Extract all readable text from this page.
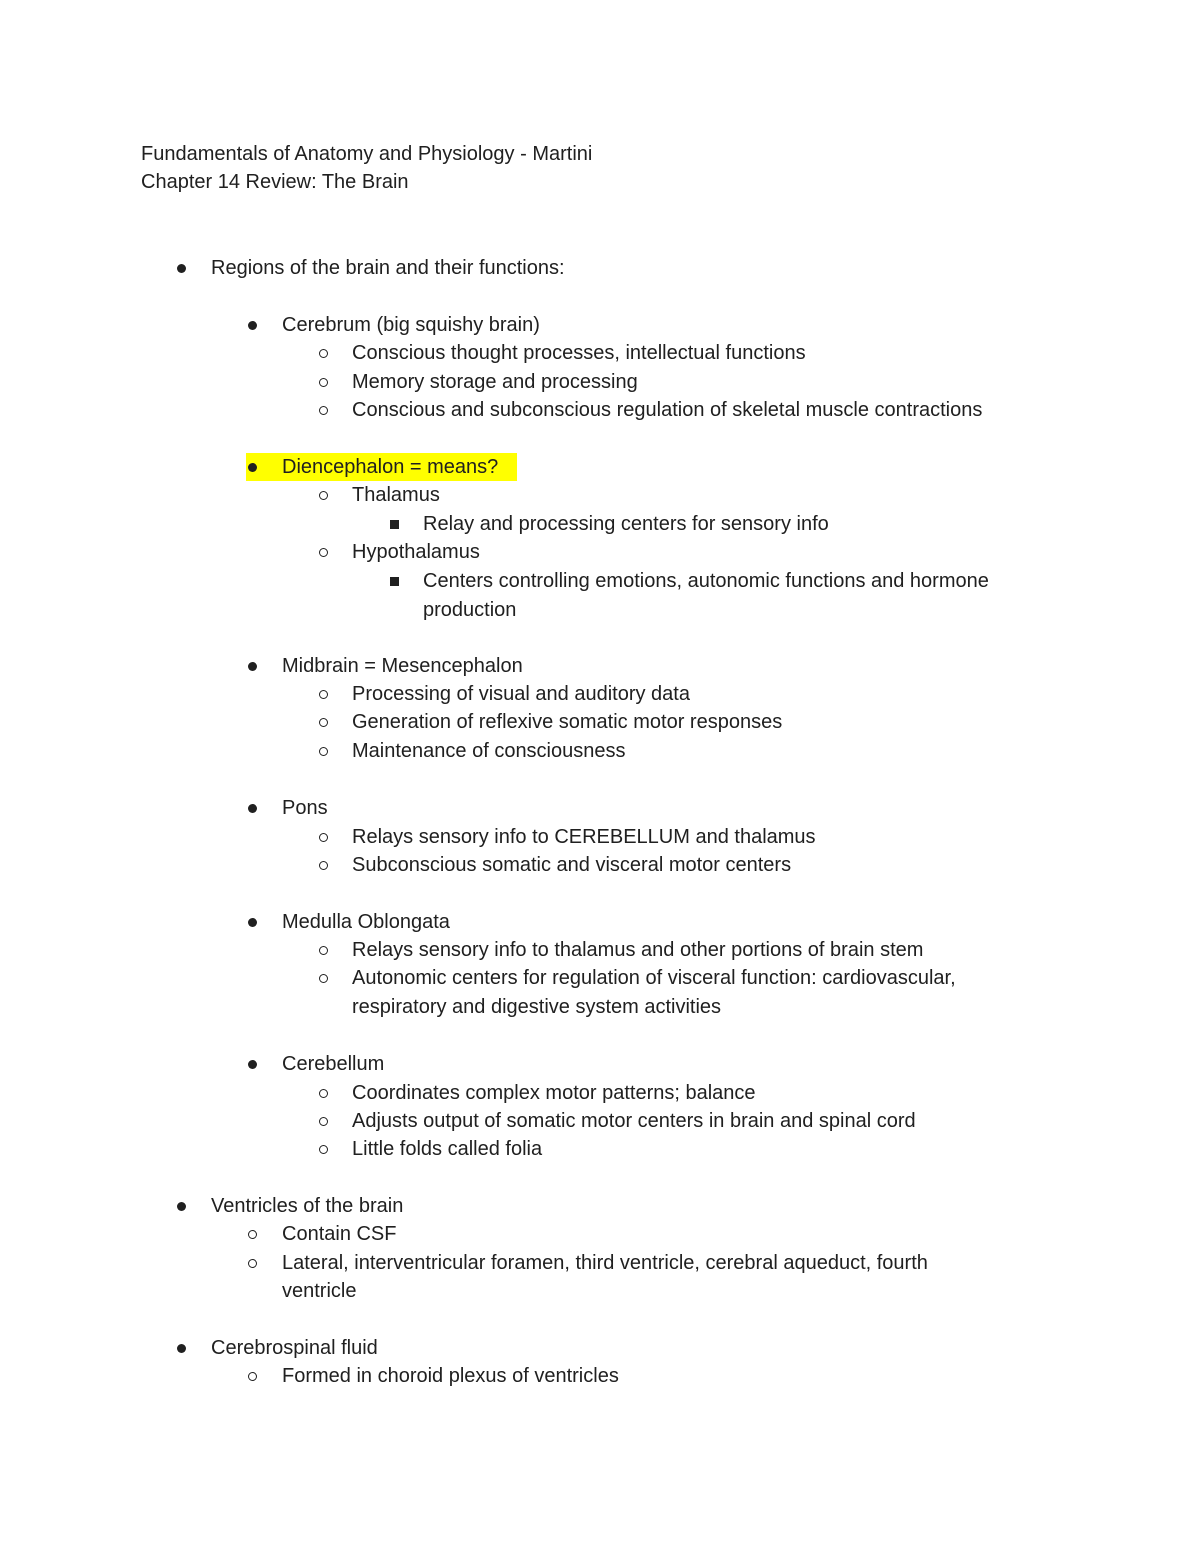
Fundamentals of Anatomy and Physiology - Martini
Chapter 14 Review: The Brain
Regions of the brain and their functions:
Cerebrum (big squishy brain)
Conscious thought processes, intellectual functions
Memory storage and processing
Conscious and subconscious regulation of skeletal muscle contractions
Diencephalon = means?
Thalamus
Relay and processing centers for sensory info
Hypothalamus
Centers controlling emotions, autonomic functions and hormone
production
Midbrain = Mesencephalon
Processing of visual and auditory data
Generation of reflexive somatic motor responses
Maintenance of consciousness
Pons
Relays sensory info to CEREBELLUM and thalamus
Subconscious somatic and visceral motor centers
Medulla Oblongata
Relays sensory info to thalamus and other portions of brain stem
Autonomic centers for regulation of visceral function: cardiovascular,
respiratory and digestive system activities
Cerebellum
Coordinates complex motor patterns; balance
Adjusts output of somatic motor centers in brain and spinal cord
Little folds called folia
Ventricles of the brain
Contain CSF
Lateral, interventricular foramen, third ventricle, cerebral aqueduct, fourth
ventricle
Cerebrospinal fluid
Formed in choroid plexus of ventricles
